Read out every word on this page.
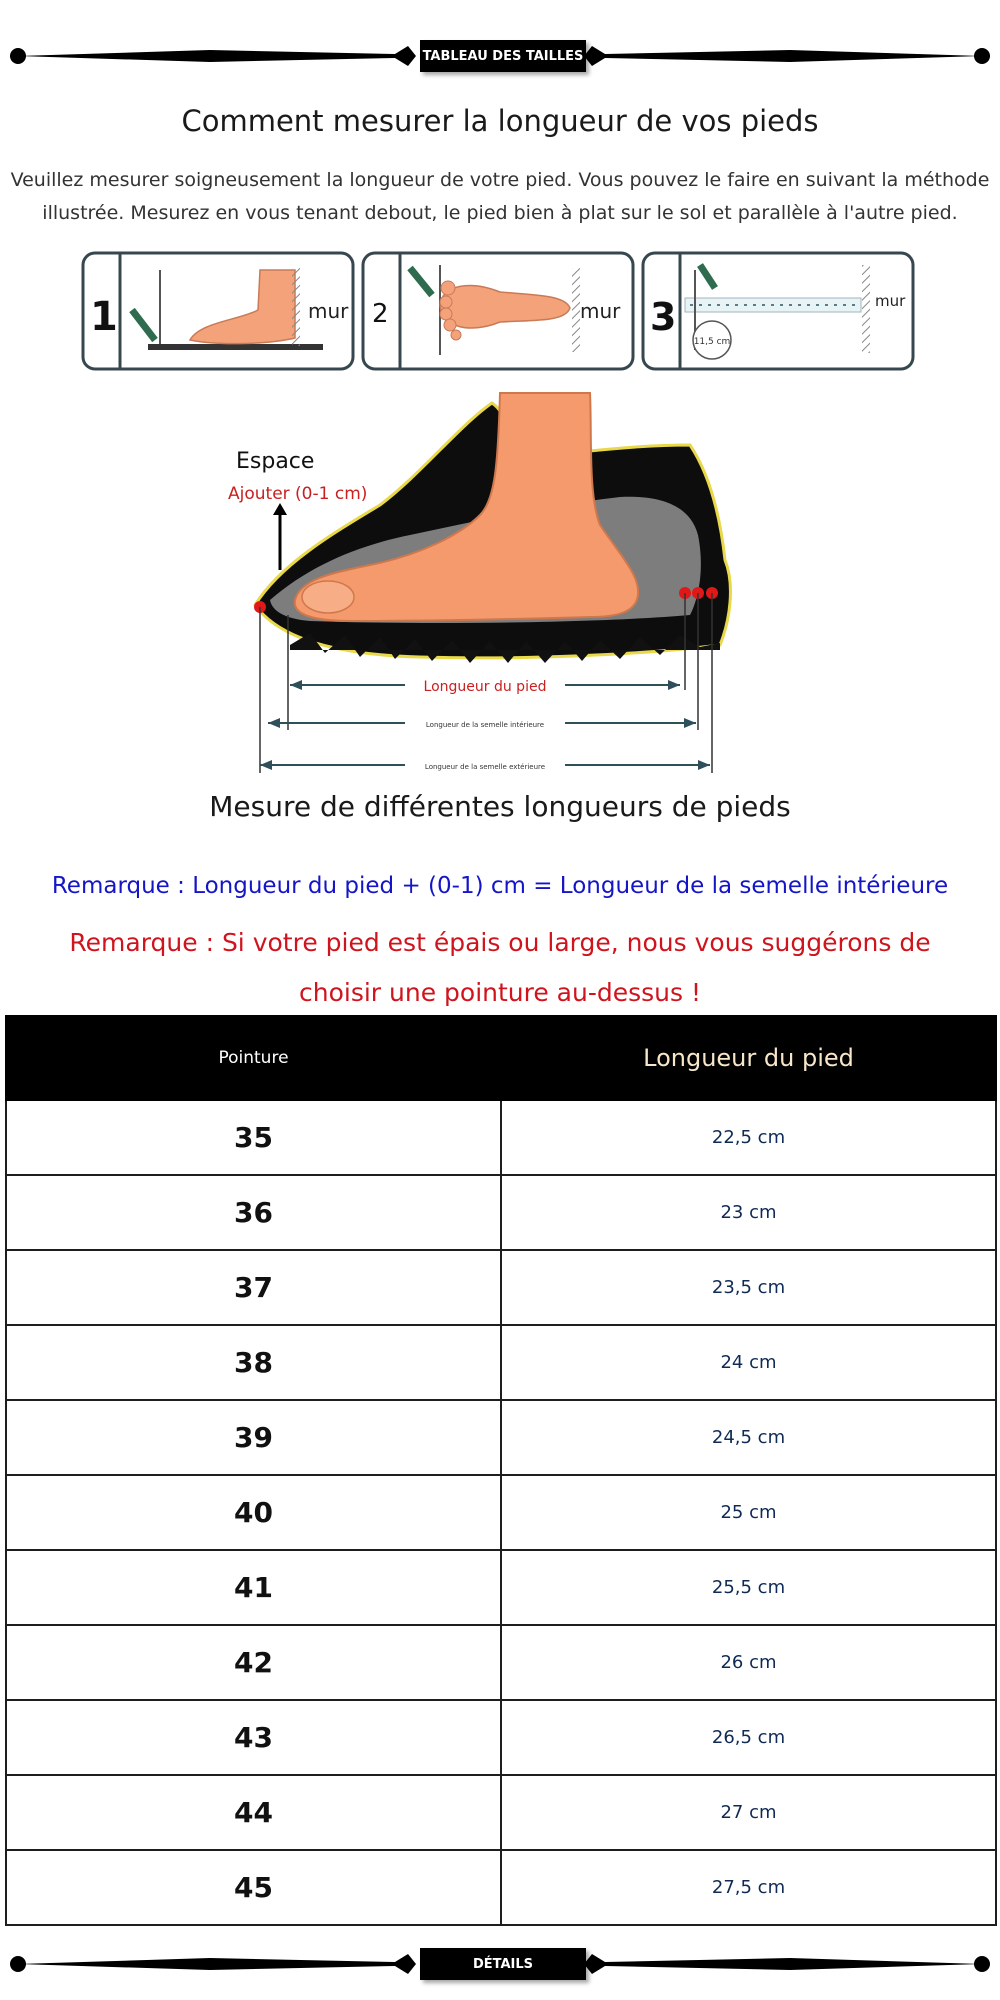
TABLEAU DES TAILLES
Comment mesurer la longueur de vos pieds
Veuillez mesurer soigneusement la longueur de votre pied. Vous pouvez le faire en suivant la méthode
illustrée. Mesurez en vous tenant debout, le pied bien à plat sur le sol et parallèle à l'autre pied.
1	mur 2	mur 3
11,5 cm
mur
Espace
Ajouter (0-1 cm)
Longueur du pied
Longueur de la semelle intérieure
Longueur de la semelle extérieure
Mesure de différentes longueurs de pieds
Remarque : Longueur du pied + (0-1) cm = Longueur de la semelle intérieure
Remarque : Si votre pied est épais ou large, nous vous suggérons de
choisir une pointure au-dessus !
Pointure	Longueur du pied
35	22,5 cm
36	23 cm
37	23,5 cm
38	24 cm
39	24,5 cm
40	25 cm
41	25,5 cm
42	26 cm
43	26,5 cm
44	27 cm
45	27,5 cm
DÉTAILS
